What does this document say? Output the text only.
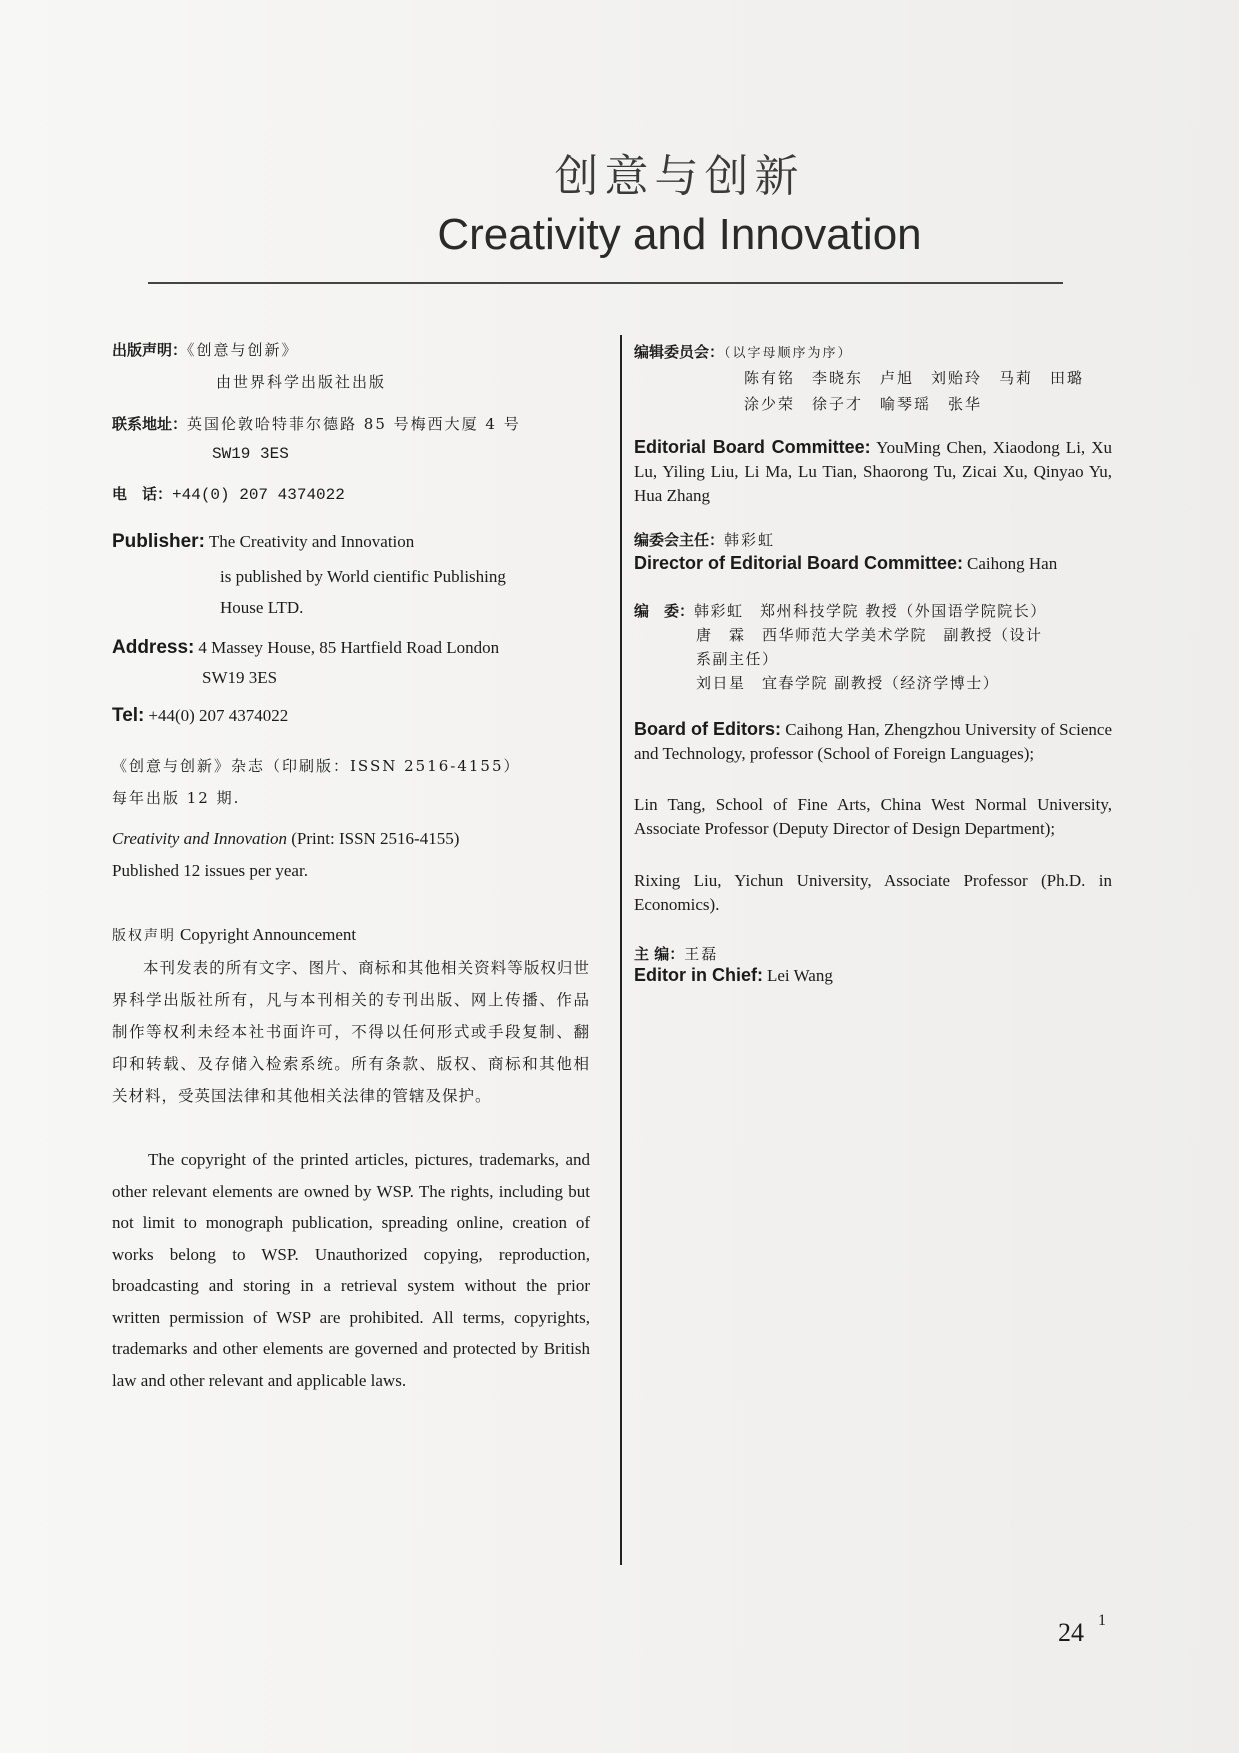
创意与创新
Creativity and Innovation
出版声明：《创意与创新》
由世界科学出版社出版
联系地址：英国伦敦哈特菲尔德路 85 号梅西大厦 4 号
SW19 3ES
电　话：+44(0) 207 4374022
Publisher: The Creativity and Innovation
is published by World cientific Publishing
House LTD.
Address: 4 Massey House, 85 Hartfield Road London
SW19 3ES
Tel: +44(0) 207 4374022
《创意与创新》杂志（印刷版：ISSN 2516-4155）
每年出版 12 期.
Creativity and Innovation (Print: ISSN 2516-4155)
Published 12 issues per year.
版权声明 Copyright Announcement
本刊发表的所有文字、图片、商标和其他相关资料等版权归世界科学出版社所有，凡与本刊相关的专刊出版、网上传播、作品制作等权利未经本社书面许可，不得以任何形式或手段复制、翻印和转载、及存储入检索系统。所有条款、版权、商标和其他相关材料，受英国法律和其他相关法律的管辖及保护。
The copyright of the printed articles, pictures, trademarks, and other relevant elements are owned by WSP. The rights, including but not limit to monograph publication, spreading online, creation of works belong to WSP. Unauthorized copying, reproduction, broadcasting and storing in a retrieval system without the prior written permission of WSP are prohibited. All terms, copyrights, trademarks and other elements are governed and protected by British law and other relevant and applicable laws.
编辑委员会：（以字母顺序为序）
陈有铭　李晓东　卢旭　刘贻玲　马莉　田璐
涂少荣　徐子才　喻琴瑶　张华
Editorial Board Committee: YouMing Chen, Xiaodong Li, Xu Lu, Yiling Liu, Li Ma, Lu Tian, Shaorong Tu, Zicai Xu, Qinyao Yu, Hua Zhang
编委会主任：韩彩虹
Director of Editorial Board Committee: Caihong Han
编　委：韩彩虹　郑州科技学院 教授（外国语学院院长）
唐　霖　西华师范大学美术学院　副教授（设计
系副主任）
刘日星　宜春学院 副教授（经济学博士）
Board of Editors: Caihong Han, Zhengzhou University of Science and Technology, professor (School of Foreign Languages);
Lin Tang, School of Fine Arts, China West Normal University, Associate Professor (Deputy Director of Design Department);
Rixing Liu, Yichun University, Associate Professor (Ph.D. in Economics).
主 编：王磊
Editor in Chief: Lei Wang
24 1
